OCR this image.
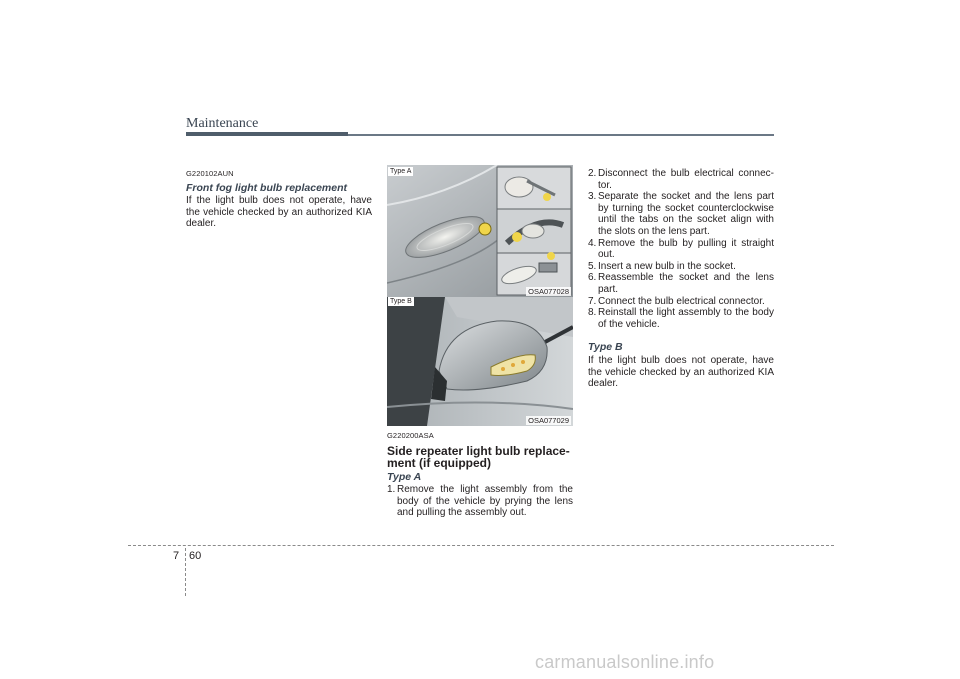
Maintenance

G220102AUN

Front fog light bulb replacement

If the light bulb does not operate, have the vehicle checked by an authorized KIA dealer.

Type A
OSA077028
Type B
OSA077029

G220200ASA

Side repeater light bulb replace-ment (if equipped)

Type A

1. Remove the light assembly from the body of the vehicle by prying the lens and pulling the assembly out.
2. Disconnect the bulb electrical connec-tor.
3. Separate the socket and the lens part by turning the socket counterclockwise until the tabs on the socket align with the slots on the lens part.
4. Remove the bulb by pulling it straight out.
5. Insert a new bulb in the socket.
6. Reassemble the socket and the lens part.
7. Connect the bulb electrical connector.
8. Reinstall the light assembly to the body of the vehicle.

Type B

If the light bulb does not operate, have the vehicle checked by an authorized KIA dealer.

7 60
carmanualsonline.info
